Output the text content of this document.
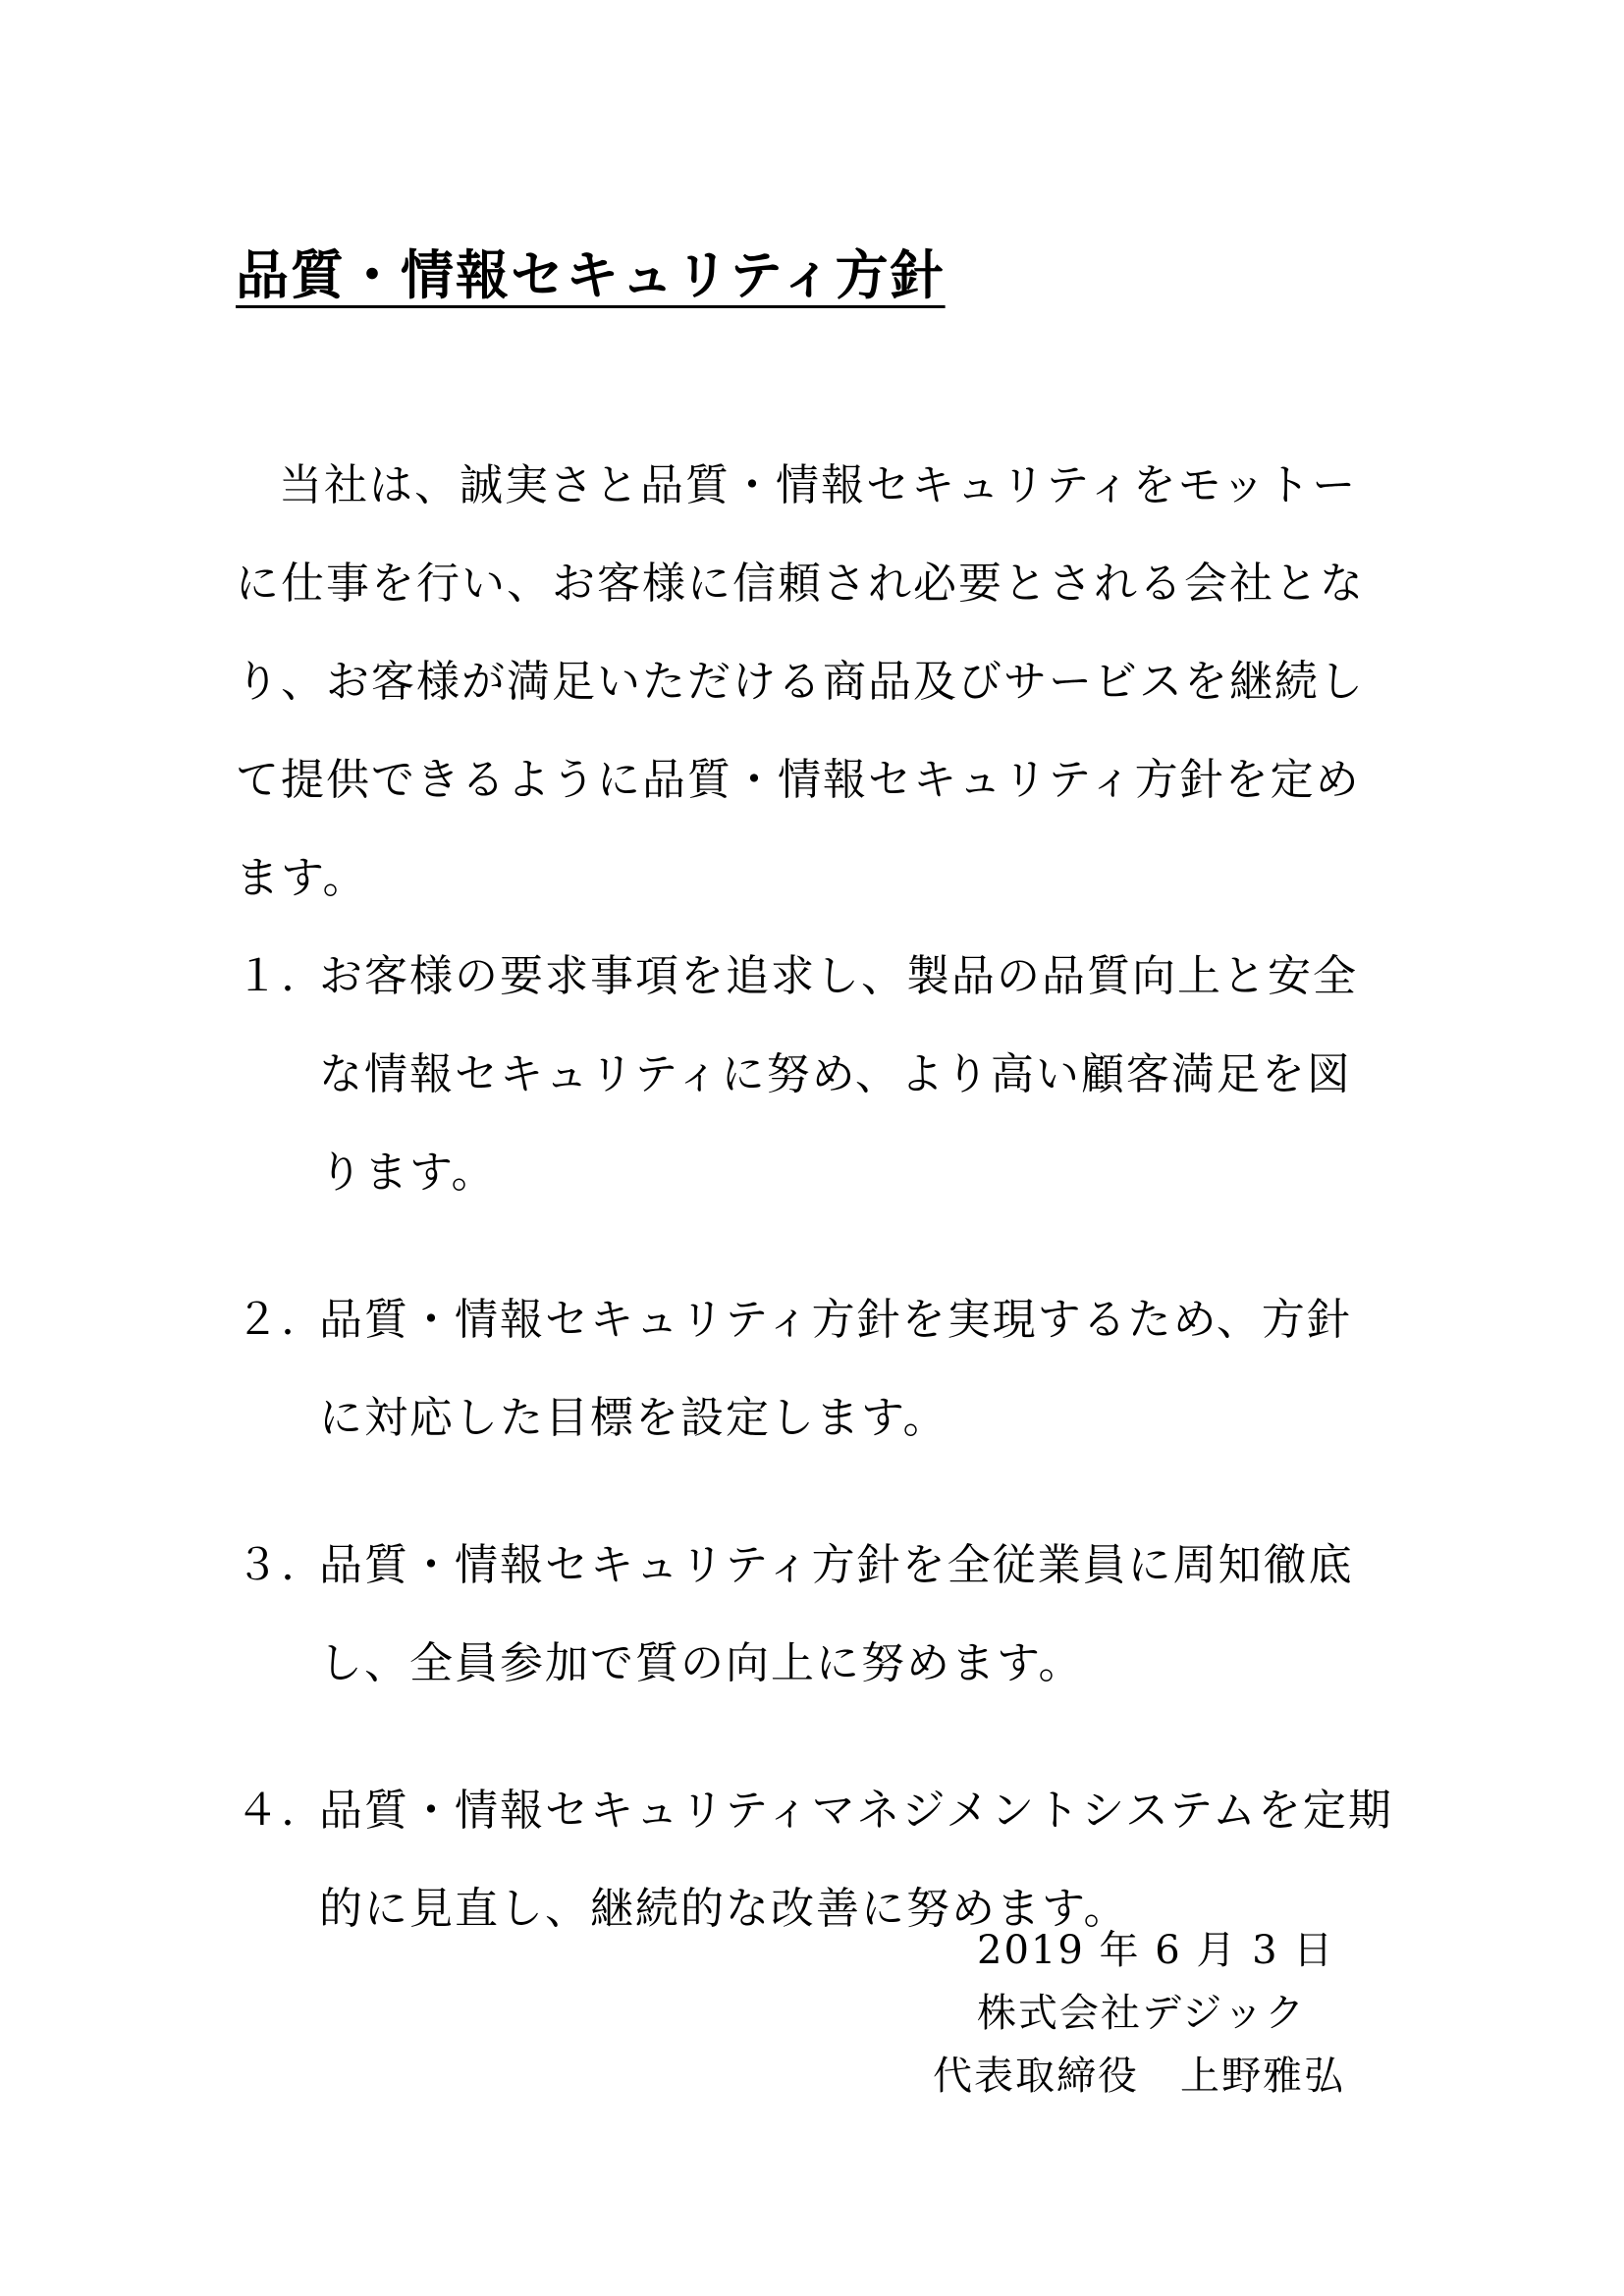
品質・情報セキュリティ方針

当社は、誠実さと品質・情報セキュリティをモットーに仕事を行い、お客様に信頼され必要とされる会社となり、お客様が満足いただける商品及びサービスを継続して提供できるように品質・情報セキュリティ方針を定めます。

１. お客様の要求事項を追求し、製品の品質向上と安全な情報セキュリティに努め、より高い顧客満足を図ります。
２. 品質・情報セキュリティ方針を実現するため、方針に対応した目標を設定します。
３. 品質・情報セキュリティ方針を全従業員に周知徹底し、全員参加で質の向上に努めます。
４. 品質・情報セキュリティマネジメントシステムを定期的に見直し、継続的な改善に努めます。
2019 年 6 月 3 日
株式会社デジック
代表取締役　上野雅弘
